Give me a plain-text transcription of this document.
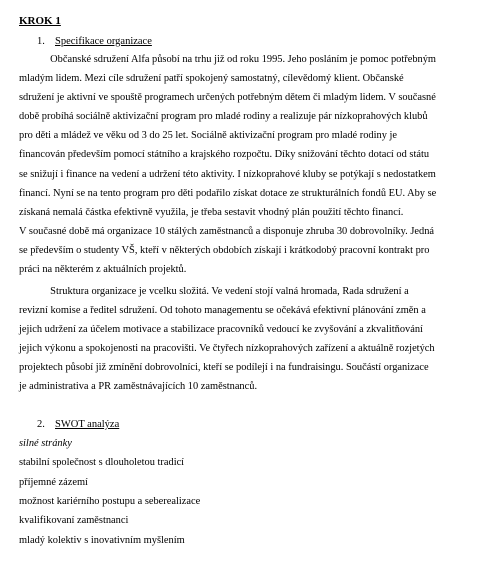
KROK 1
1. Specifikace organizace
Občanské sdružení Alfa působí na trhu již od roku 1995. Jeho posláním je pomoc potřebným
mladým lidem. Mezi cíle sdružení patří spokojený samostatný, cílevědomý klient. Občanské
sdružení je aktivní ve spouště programech určených potřebným dětem či mladým lidem. V současné
době probíhá sociálně aktivizační program pro mladé rodiny a realizuje pár nízkoprahových klubů
pro děti a mládež ve věku od 3 do 25 let. Sociálně aktivizační program pro mladé rodiny je
financován především pomocí státního a krajského rozpočtu. Díky snižování těchto dotací od státu
se snižují i finance na vedení a udržení této aktivity. I nízkoprahové kluby se potýkají s nedostatkem
financí. Nyní se na tento program pro děti podařilo získat dotace ze strukturálních fondů EU. Aby se
získaná nemalá částka efektivně využila, je třeba sestavit vhodný plán použití těchto financí.
V současné době má organizace 10 stálých zaměstnanců a disponuje zhruba 30 dobrovolníky. Jedná
se především o studenty VŠ, kteří v některých obdobích získají i krátkodobý pracovní kontrakt pro
práci na některém z aktuálních projektů.
Struktura organizace je vcelku složitá. Ve vedení stojí valná hromada, Rada sdružení a
revizní komise a ředitel sdružení. Od tohoto managementu se očekává efektivní plánování změn a
jejich udržení za účelem motivace a stabilizace pracovníků vedoucí ke zvyšování a zkvalitňování
jejich výkonu a spokojenosti na pracovišti. Ve čtyřech nízkoprahových zařízení a aktuálně rozjetých
projektech působí již zmínění dobrovolníci, kteří se podílejí i na fundraisingu. Součástí organizace
je administrativa a PR zaměstnávajících 10 zaměstnanců.
2. SWOT analýza
silné stránky
stabilní společnost s dlouholetou tradicí
příjemné zázemí
možnost kariérního postupu a seberealizace
kvalifikovaní zaměstnanci
mladý kolektiv s inovativním myšlením
